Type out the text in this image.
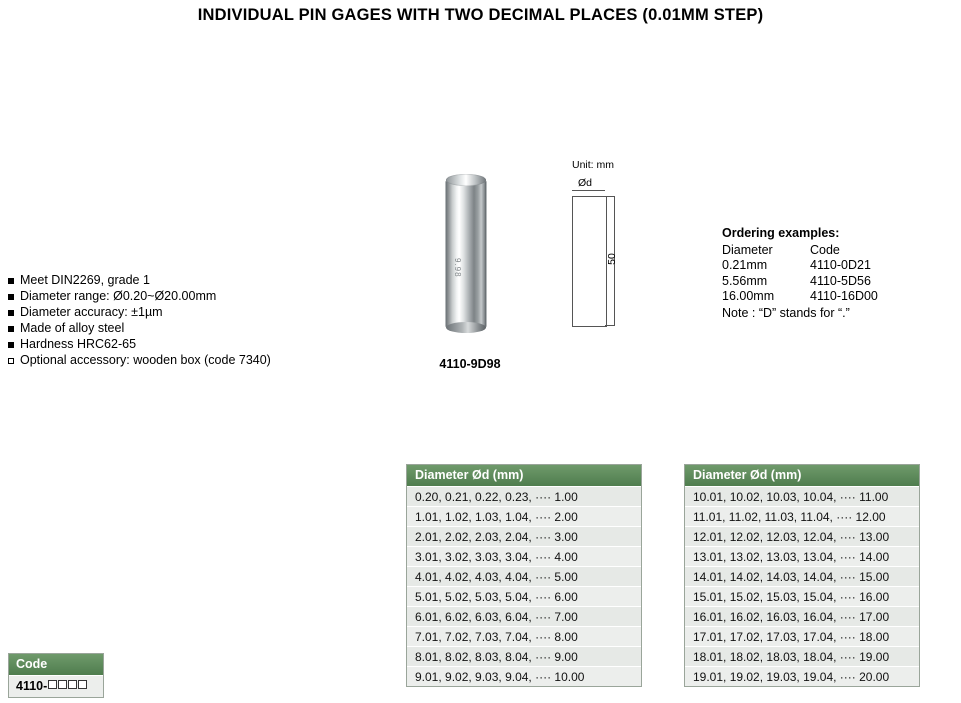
INDIVIDUAL PIN GAGES WITH TWO DECIMAL PLACES (0.01MM STEP)
Meet DIN2269, grade 1
Diameter range: Ø0.20~Ø20.00mm
Diameter accuracy: ±1µm
Made of alloy steel
Hardness HRC62-65
Optional accessory: wooden box (code 7340)
9.98
4110-9D98
Unit: mm
Ød
50
Ordering examples:
Diameter	Code
0.21mm	4110-0D21
5.56mm	4110-5D56
16.00mm	4110-16D00
Note : “D” stands for “.”
Diameter Ød (mm)
0.20, 0.21, 0.22, 0.23, ···· 1.00
1.01, 1.02, 1.03, 1.04, ···· 2.00
2.01, 2.02, 2.03, 2.04, ···· 3.00
3.01, 3.02, 3.03, 3.04, ···· 4.00
4.01, 4.02, 4.03, 4.04, ···· 5.00
5.01, 5.02, 5.03, 5.04, ···· 6.00
6.01, 6.02, 6.03, 6.04, ···· 7.00
7.01, 7.02, 7.03, 7.04, ···· 8.00
8.01, 8.02, 8.03, 8.04, ···· 9.00
9.01, 9.02, 9.03, 9.04, ···· 10.00
Diameter Ød (mm)
10.01, 10.02, 10.03, 10.04, ···· 11.00
11.01, 11.02, 11.03, 11.04, ···· 12.00
12.01, 12.02, 12.03, 12.04, ···· 13.00
13.01, 13.02, 13.03, 13.04, ···· 14.00
14.01, 14.02, 14.03, 14.04, ···· 15.00
15.01, 15.02, 15.03, 15.04, ···· 16.00
16.01, 16.02, 16.03, 16.04, ···· 17.00
17.01, 17.02, 17.03, 17.04, ···· 18.00
18.01, 18.02, 18.03, 18.04, ···· 19.00
19.01, 19.02, 19.03, 19.04, ···· 20.00
Code
4110-
